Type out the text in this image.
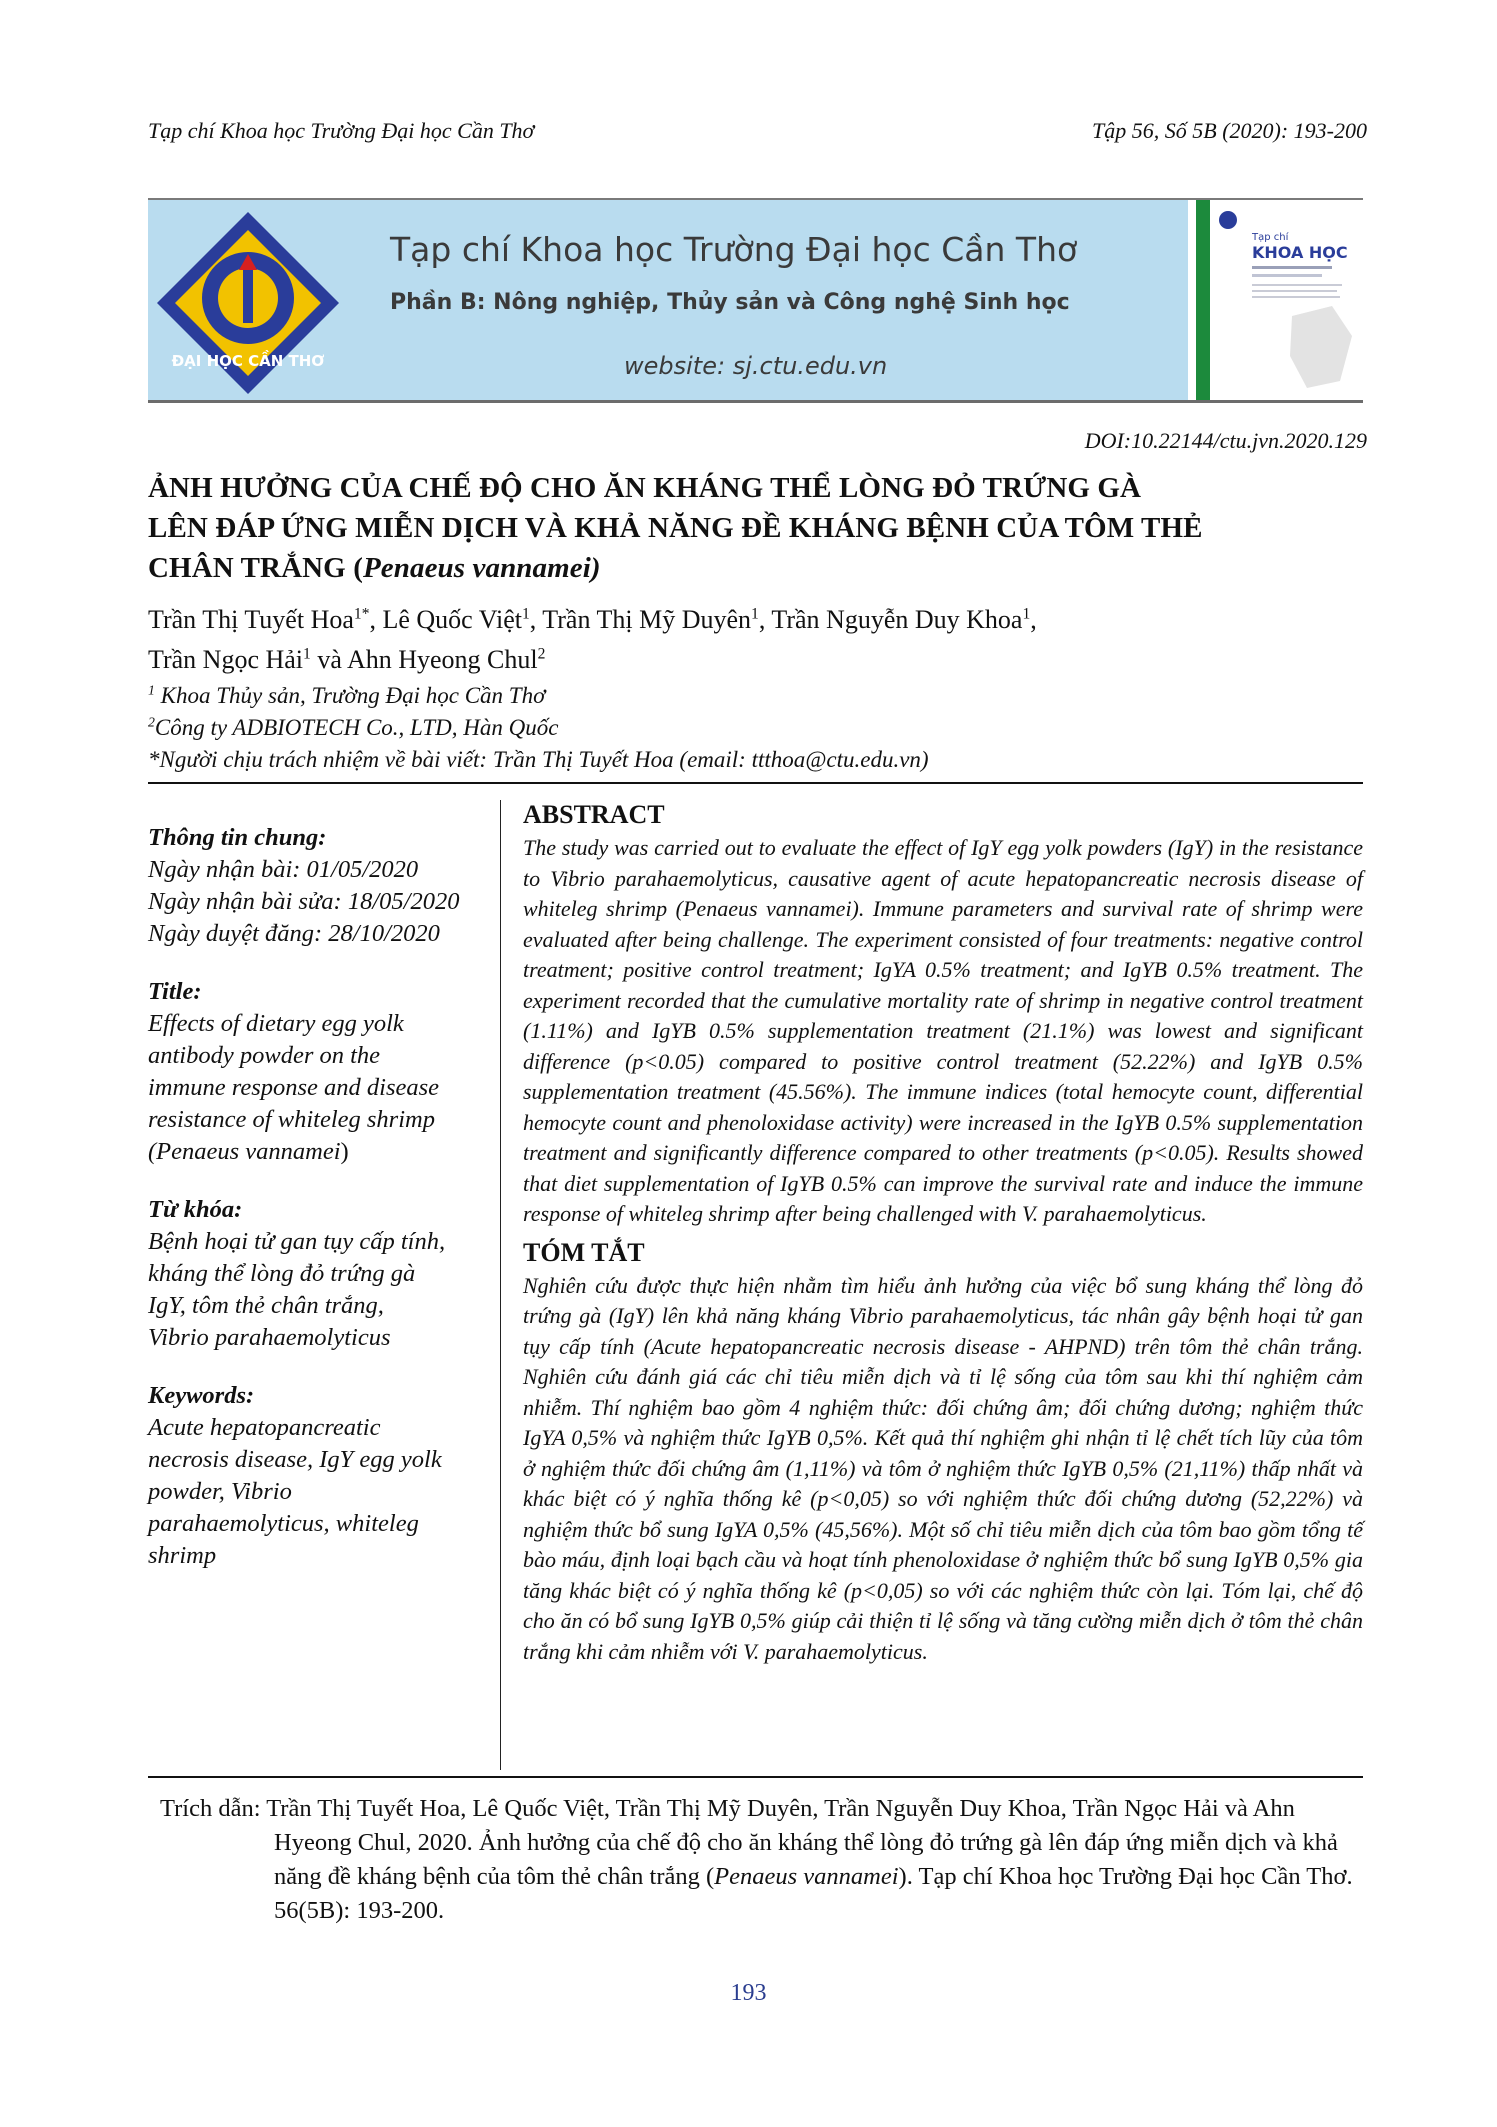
Tạp chí Khoa học Trường Đại học Cần Thơ	Tập 56, Số 5B (2020): 193-200
ĐẠI HỌC CẦN THƠ
Tạp chí Khoa học Trường Đại học Cần Thơ
Phần B: Nông nghiệp, Thủy sản và Công nghệ Sinh học
website: sj.ctu.edu.vn
Tạp chí
KHOA HỌC
DOI:10.22144/ctu.jvn.2020.129
ẢNH HƯỞNG CỦA CHẾ ĐỘ CHO ĂN KHÁNG THỂ LÒNG ĐỎ TRỨNG GÀ
LÊN ĐÁP ỨNG MIỄN DỊCH VÀ KHẢ NĂNG ĐỀ KHÁNG BỆNH CỦA TÔM THẺ
CHÂN TRẮNG (Penaeus vannamei)
Trần Thị Tuyết Hoa$^{1*}$, Lê Quốc Việt$^1$, Trần Thị Mỹ Duyên$^1$, Trần Nguyễn Duy Khoa$^1$,
Trần Ngọc Hải$^1$ và Ahn Hyeong Chul$^2$
$^1$ Khoa Thủy sản, Trường Đại học Cần Thơ
$^2$Công ty ADBIOTECH Co., LTD, Hàn Quốc
*Người chịu trách nhiệm về bài viết: Trần Thị Tuyết Hoa (email: ttthoa@ctu.edu.vn)
Thông tin chung:
Ngày nhận bài: 01/05/2020
Ngày nhận bài sửa: 18/05/2020
Ngày duyệt đăng: 28/10/2020
Title:
Effects of dietary egg yolk
antibody powder on the
immune response and disease
resistance of whiteleg shrimp
(Penaeus vannamei)
Từ khóa:
Bệnh hoại tử gan tụy cấp tính,
kháng thể lòng đỏ trứng gà
IgY, tôm thẻ chân trắng,
Vibrio parahaemolyticus
Keywords:
Acute hepatopancreatic
necrosis disease, IgY egg yolk
powder, Vibrio
parahaemolyticus, whiteleg
shrimp
ABSTRACT
The study was carried out to evaluate the effect of IgY egg yolk powders (IgY) in the resistance to Vibrio parahaemolyticus, causative agent of acute hepatopancreatic necrosis disease of whiteleg shrimp (Penaeus vannamei). Immune parameters and survival rate of shrimp were evaluated after being challenge. The experiment consisted of four treatments: negative control treatment; positive control treatment; IgYA 0.5% treatment; and IgYB 0.5% treatment. The experiment recorded that the cumulative mortality rate of shrimp in negative control treatment (1.11%) and IgYB 0.5% supplementation treatment (21.1%) was lowest and significant difference (p<0.05) compared to positive control treatment (52.22%) and IgYB 0.5% supplementation treatment (45.56%). The immune indices (total hemocyte count, differential hemocyte count and phenoloxidase activity) were increased in the IgYB 0.5% supplementation treatment and significantly difference compared to other treatments (p<0.05). Results showed that diet supplementation of IgYB 0.5% can improve the survival rate and induce the immune response of whiteleg shrimp after being challenged with V. parahaemolyticus.
TÓM TẮT
Nghiên cứu được thực hiện nhằm tìm hiểu ảnh hưởng của việc bổ sung kháng thể lòng đỏ trứng gà (IgY) lên khả năng kháng Vibrio parahaemolyticus, tác nhân gây bệnh hoại tử gan tụy cấp tính (Acute hepatopancreatic necrosis disease - AHPND) trên tôm thẻ chân trắng. Nghiên cứu đánh giá các chỉ tiêu miễn dịch và tỉ lệ sống của tôm sau khi thí nghiệm cảm nhiễm. Thí nghiệm bao gồm 4 nghiệm thức: đối chứng âm; đối chứng dương; nghiệm thức IgYA 0,5% và nghiệm thức IgYB 0,5%. Kết quả thí nghiệm ghi nhận tỉ lệ chết tích lũy của tôm ở nghiệm thức đối chứng âm (1,11%) và tôm ở nghiệm thức IgYB 0,5% (21,11%) thấp nhất và khác biệt có ý nghĩa thống kê (p<0,05) so với nghiệm thức đối chứng dương (52,22%) và nghiệm thức bổ sung IgYA 0,5% (45,56%). Một số chỉ tiêu miễn dịch của tôm bao gồm tổng tế bào máu, định loại bạch cầu và hoạt tính phenoloxidase ở nghiệm thức bổ sung IgYB 0,5% gia tăng khác biệt có ý nghĩa thống kê (p<0,05) so với các nghiệm thức còn lại. Tóm lại, chế độ cho ăn có bổ sung IgYB 0,5% giúp cải thiện tỉ lệ sống và tăng cường miễn dịch ở tôm thẻ chân trắng khi cảm nhiễm với V. parahaemolyticus.
Trích dẫn: Trần Thị Tuyết Hoa, Lê Quốc Việt, Trần Thị Mỹ Duyên, Trần Nguyễn Duy Khoa, Trần Ngọc Hải và Ahn Hyeong Chul, 2020. Ảnh hưởng của chế độ cho ăn kháng thể lòng đỏ trứng gà lên đáp ứng miễn dịch và khả năng đề kháng bệnh của tôm thẻ chân trắng (Penaeus vannamei). Tạp chí Khoa học Trường Đại học Cần Thơ. 56(5B): 193-200.
193
